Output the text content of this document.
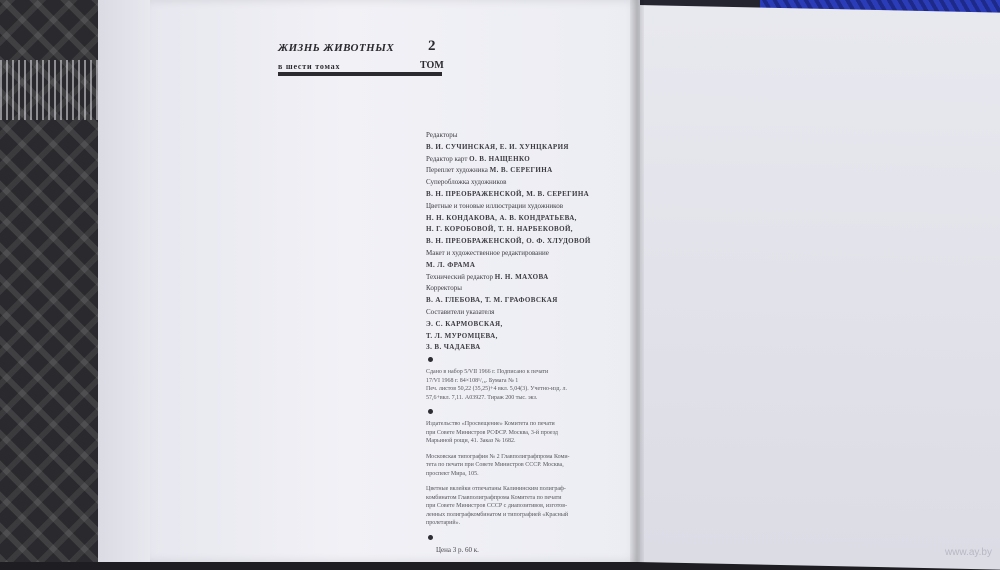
ЖИЗНЬ ЖИВОТНЫХ 2
в шести томах	ТОМ
Редакторы
В. И. СУЧИНСКАЯ, Е. И. ХУНЦКАРИЯ
Редактор карт О. В. НАЩЕНКО
Переплет художника М. В. СЕРЕГИНА
Суперобложка художников
В. Н. ПРЕОБРАЖЕНСКОЙ, М. В. СЕРЕГИНА
Цветные и тоновые иллюстрации художников
Н. Н. КОНДАКОВА, А. В. КОНДРАТЬЕВА,
Н. Г. КОРОБОВОЙ, Т. Н. НАРБЕКОВОЙ,
В. Н. ПРЕОБРАЖЕНСКОЙ, О. Ф. ХЛУДОВОЙ
Макет и художественное редактирование
М. Л. ФРАМА
Технический редактор Н. Н. МАХОВА
Корректоры
В. А. ГЛЕБОВА, Т. М. ГРАФОВСКАЯ
Составители указателя
Э. С. КАРМОВСКАЯ,
Т. Л. МУРОМЦЕВА,
З. В. ЧАДАЕВА
Сдано в набор 5/VII 1966 г. Подписано к печати
17/VI 1968 г. 84×108¹/₁₆. Бумага № 1
Печ. листов 50,22 (35,25)+4 вкл. 5,04(3). Учетно-изд. л.
57,6+вкл. 7,11. А03927. Тираж 200 тыс. экз.
Издательство «Просвещение» Комитета по печати
при Совете Министров РСФСР. Москва, 3-й проезд
Марьиной рощи, 41. Заказ № 1682.
Московская типография № 2 Главполиграфпрома Коми-
тета по печати при Совете Министров СССР. Москва,
проспект Мира, 105.
Цветные вклейки отпечатаны Калининским полиграф-
комбинатом Главполиграфпрома Комитета по печати
при Совете Министров СССР с диапозитивов, изготов-
ленных полиграфкомбинатом и типографией «Красный
пролетарий».
Цена 3 р. 60 к.	www.ay.by
